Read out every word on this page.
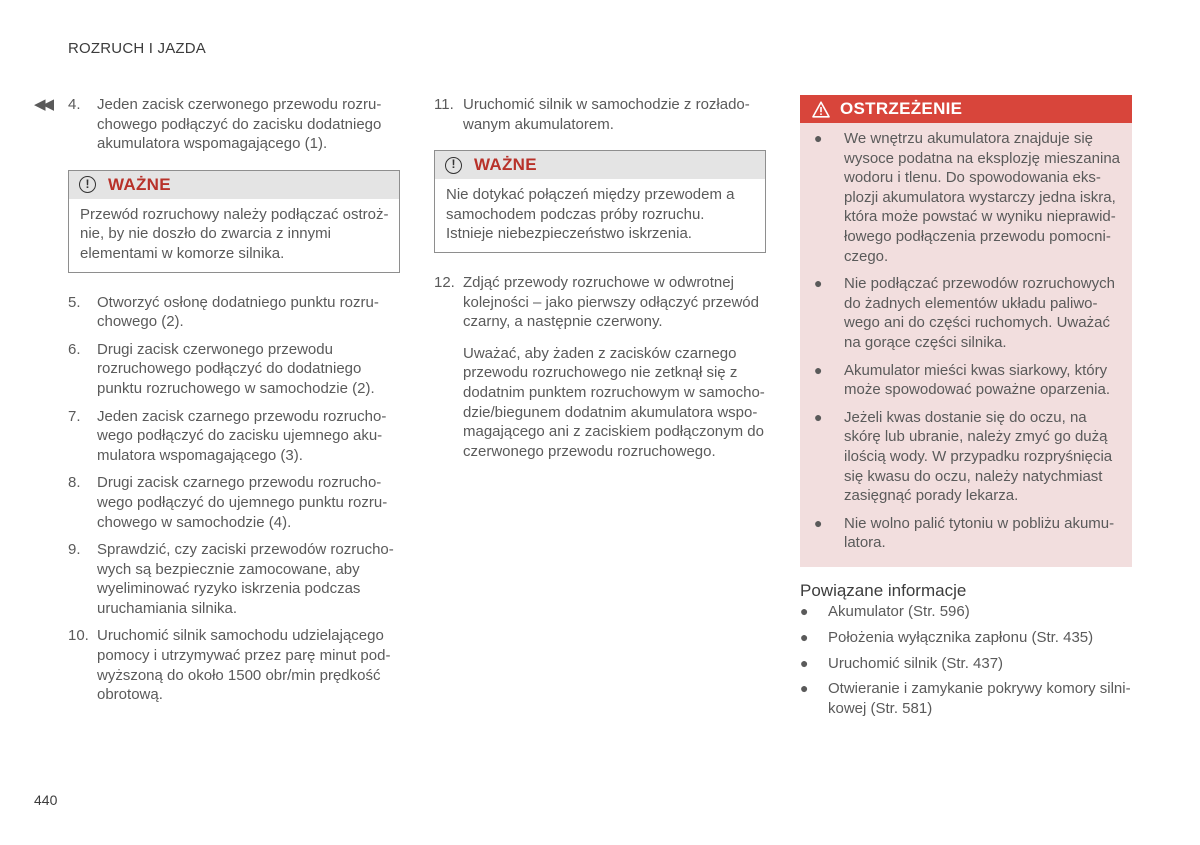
ROZRUCH I JAZDA
◀◀ 4.	Jeden zacisk czerwonego przewodu rozruchowego podłączyć do zacisku dodatniego akumulatora wspomagającego (1).
!	WAŻNE
Przewód rozruchowy należy podłączać ostrożnie, by nie doszło do zwarcia z innymi elementami w komorze silnika.
5.	Otworzyć osłonę dodatniego punktu rozruchowego (2).
6.	Drugi zacisk czerwonego przewodu rozruchowego podłączyć do dodatniego punktu rozruchowego w samochodzie (2).
7.	Jeden zacisk czarnego przewodu rozruchowego podłączyć do zacisku ujemnego akumulatora wspomagającego (3).
8.	Drugi zacisk czarnego przewodu rozruchowego podłączyć do ujemnego punktu rozruchowego w samochodzie (4).
9.	Sprawdzić, czy zaciski przewodów rozruchowych są bezpiecznie zamocowane, aby wyeliminować ryzyko iskrzenia podczas uruchamiania silnika.
10. Uruchomić silnik samochodu udzielającego pomocy i utrzymywać przez parę minut podwyższoną do około 1500 obr/min prędkość obrotową.
11. Uruchomić silnik w samochodzie z rozładowanym akumulatorem.
!	WAŻNE
Nie dotykać połączeń między przewodem a samochodem podczas próby rozruchu. Istnieje niebezpieczeństwo iskrzenia.
12. Zdjąć przewody rozruchowe w odwrotnej kolejności – jako pierwszy odłączyć przewód czarny, a następnie czerwony.
Uważać, aby żaden z zacisków czarnego przewodu rozruchowego nie zetknął się z dodatnim punktem rozruchowym w samochodzie/biegunem dodatnim akumulatora wspomagającego ani z zaciskiem podłączonym do czerwonego przewodu rozruchowego.
OSTRZEŻENIE
●	We wnętrzu akumulatora znajduje się wysoce podatna na eksplozję mieszanina wodoru i tlenu. Do spowodowania eksplozji akumulatora wystarczy jedna iskra, która może powstać w wyniku nieprawidłowego podłączenia przewodu pomocniczego.
●	Nie podłączać przewodów rozruchowych do żadnych elementów układu paliwowego ani do części ruchomych. Uważać na gorące części silnika.
●	Akumulator mieści kwas siarkowy, który może spowodować poważne oparzenia.
●	Jeżeli kwas dostanie się do oczu, na skórę lub ubranie, należy zmyć go dużą ilością wody. W przypadku rozpryśnięcia się kwasu do oczu, należy natychmiast zasięgnąć porady lekarza.
●	Nie wolno palić tytoniu w pobliżu akumulatora.
Powiązane informacje
●	Akumulator (Str. 596)
●	Położenia wyłącznika zapłonu (Str. 435)
●	Uruchomić silnik (Str. 437)
●	Otwieranie i zamykanie pokrywy komory silnikowej (Str. 581)
440
